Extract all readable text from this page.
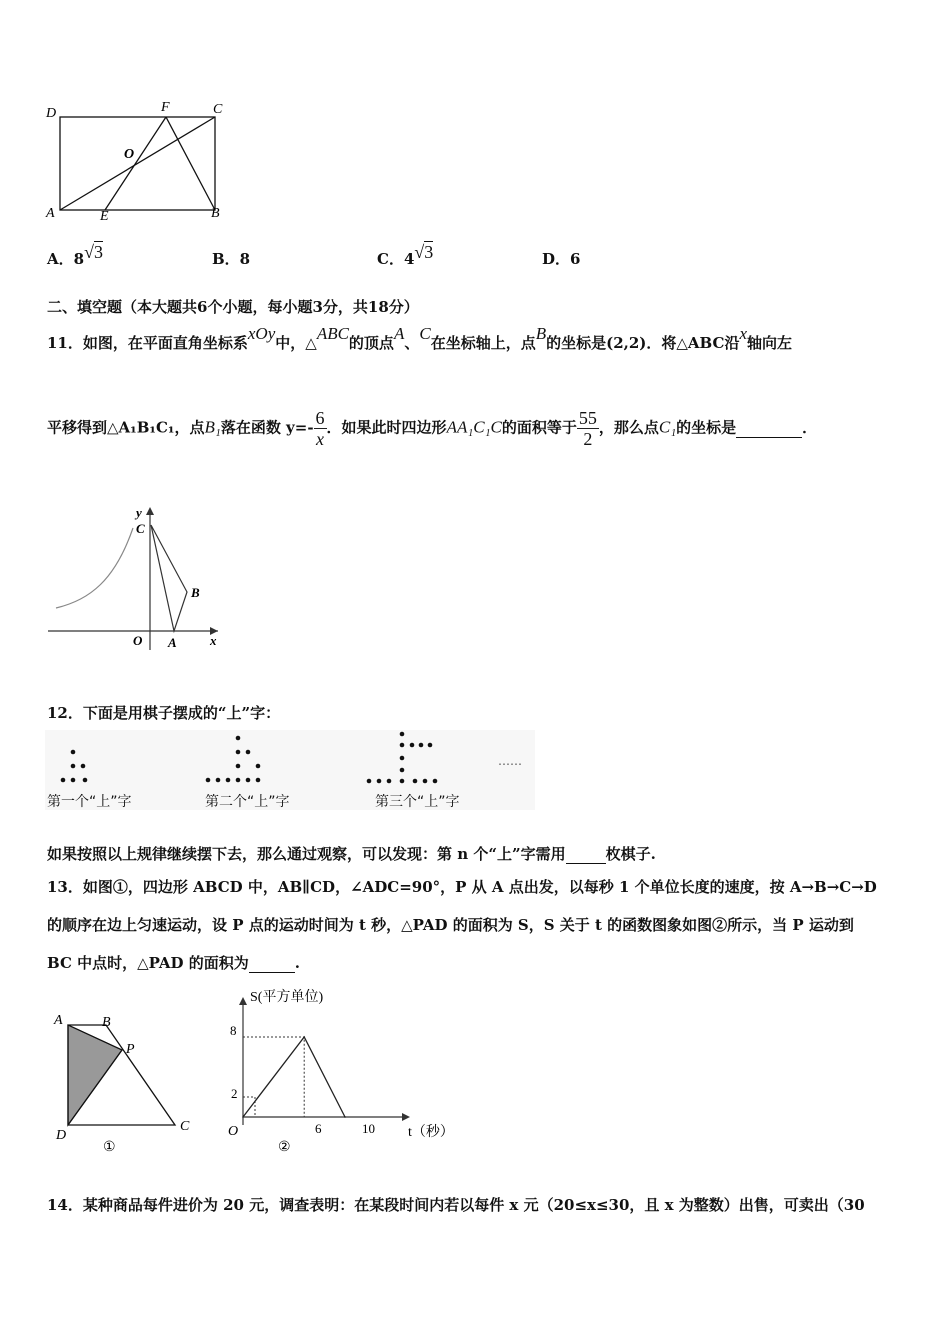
D	F	C
O
A	E	B
A．8√3	B．8	C．4√3	D．6
二、填空题（本大题共6个小题，每小题3分，共18分）
11．如图，在平面直角坐标系xOy中，△ABC的顶点A、C在坐标轴上，点B的坐标是(2,2)．将△ABC沿x轴向左
平移得到△A₁B₁C₁，点B₁落在函数 $y=- \frac{6}{x}$ ．如果此时四边形AA₁C₁C的面积等于 $\frac{55}{2}$ ，那么点C₁的坐标是	．
y
C
B
O A	x
12．下面是用棋子摆成的“上”字：
……
第一个“上”字	第二个“上”字	第三个“上”字
如果按照以上规律继续摆下去，那么通过观察，可以发现：第 n 个“上”字需用	枚棋子.
13．如图①，四边形 ABCD 中，AB∥CD，∠ADC=90°，P 从 A 点出发，以每秒 1 个单位长度的速度，按 A→B→C→D
的顺序在边上匀速运动，设 P 点的运动时间为 t 秒，△PAD 的面积为 S，S 关于 t 的函数图象如图②所示，当 P 运动到
BC 中点时，△PAD 的面积为	.
A	B
P
D
C
①
S(平方单位)
8
2
O	6	10 t（秒）
②
14．某种商品每件进价为 20 元，调查表明：在某段时间内若以每件 x 元（20≤x≤30，且 x 为整数）出售，可卖出（30
